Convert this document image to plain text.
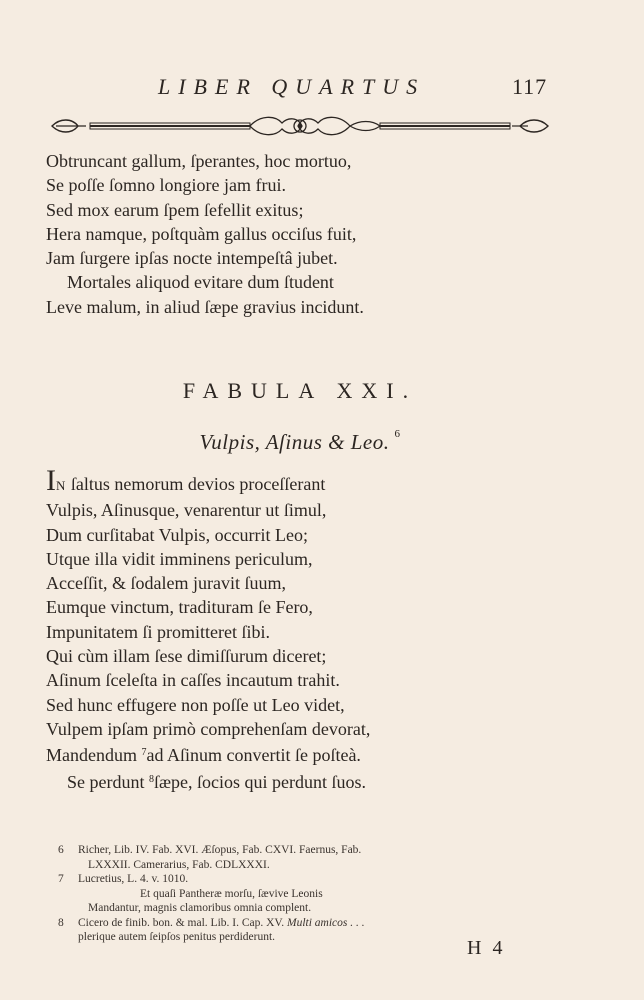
LIBER QUARTUS	117
Obtruncant gallum, ſperantes, hoc mortuo,
Se poſſe ſomno longiore jam frui.
Sed mox earum ſpem ſefellit exitus;
Hera namque, poſtquàm gallus occiſus fuit,
Jam ſurgere ipſas nocte intempeſtâ jubet.
Mortales aliquod evitare dum ſtudent
Leve malum, in aliud ſæpe gravius incidunt.
FABULA XXI.
Vulpis, Aſinus & Leo. $^6$
IN ſaltus nemorum devios proceſſerant
Vulpis, Aſinusque, venarentur ut ſimul,
Dum curſitabat Vulpis, occurrit Leo;
Utque illa vidit imminens periculum,
Acceſſit, & ſodalem juravit ſuum,
Eumque vinctum, tradituram ſe Fero,
Impunitatem ſi promitteret ſibi.
Qui cùm illam ſese dimiſſurum diceret;
Aſinum ſceleſta in caſſes incautum trahit.
Sed hunc effugere non poſſe ut Leo videt,
Vulpem ipſam primò comprehenſam devorat,
Mandendum $^7$ad Aſinum convertit ſe poſteà.
Se perdunt $^8$ſæpe, ſocios qui perdunt ſuos.
6 Richer, Lib. IV. Fab. XVI. Æſopus, Fab. CXVI. Faernus, Fab.
LXXXII. Camerarius, Fab. CDLXXXI.
7 Lucretius, L. 4. v. 1010.
Et quaſi Pantheræ morſu, ſævive Leonis
Mandantur, magnis clamoribus omnia complent.
8 Cicero de finib. bon. & mal. Lib. I. Cap. XV. Multi amicos . . .
plerique autem ſeipſos penitus perdiderunt.	H 4
